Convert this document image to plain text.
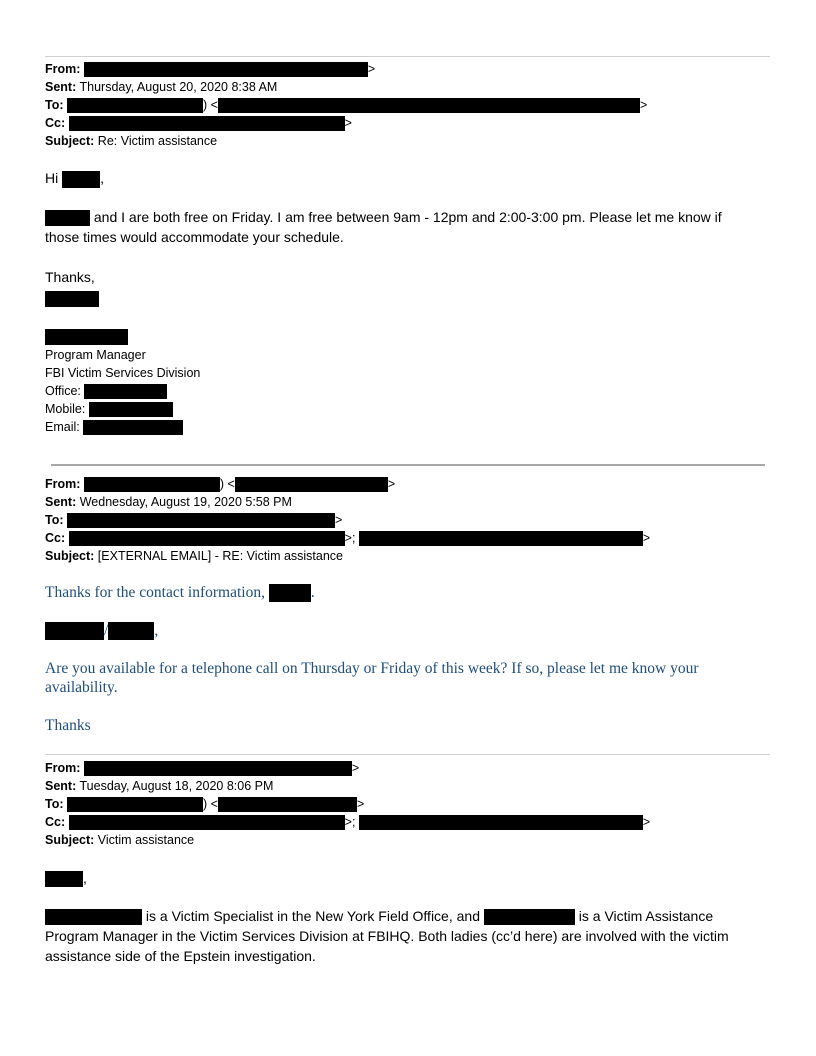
From:	>
Sent: Thursday, August 20, 2020 8:38 AM
To:	) <	>
Cc:	>
Subject: Re: Victim assistance
Hi	,
and I are both free on Friday. I am free between 9am - 12pm and 2:00-3:00 pm. Please let me know if
those times would accommodate your schedule.
Thanks,
Program Manager
FBI Victim Services Division
Office:
Mobile:
Email:
From:	) <	>
Sent: Wednesday, August 19, 2020 5:58 PM
To:	>
Cc:	>;	>
Subject: [EXTERNAL EMAIL] - RE: Victim assistance
Thanks for the contact information,	.
/	,
Are you available for a telephone call on Thursday or Friday of this week? If so, please let me know your
availability.
Thanks
From:	>
Sent: Tuesday, August 18, 2020 8:06 PM
To:	) <	>
Cc:	>;	>
Subject: Victim assistance
,
is a Victim Specialist in the New York Field Office, and	is a Victim Assistance
Program Manager in the Victim Services Division at FBIHQ. Both ladies (cc’d here) are involved with the victim
assistance side of the Epstein investigation.
